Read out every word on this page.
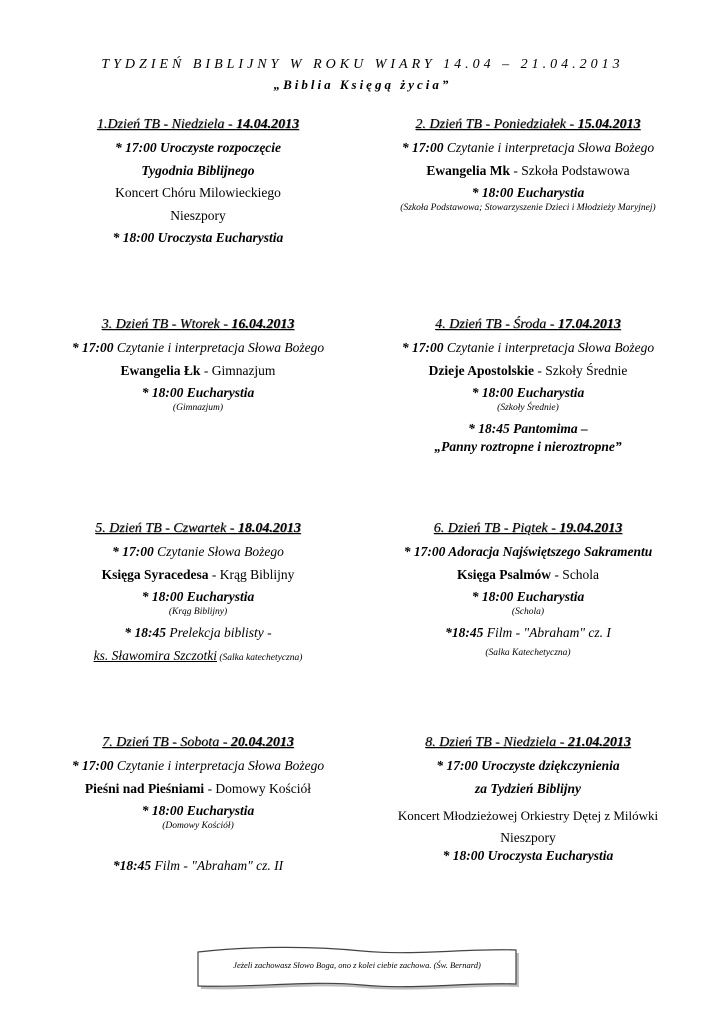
TYDZIEŃ BIBLIJNY W ROKU WIARY 14.04 – 21.04.2013
„Biblia Księgą życia”
1.Dzień TB - Niedziela - 14.04.2013
* 17:00 Uroczyste rozpoczęcie
Tygodnia Biblijnego
Koncert Chóru Milowieckiego
Nieszpory
* 18:00 Uroczysta Eucharystia
2. Dzień TB - Poniedziałek - 15.04.2013
* 17:00 Czytanie i interpretacja Słowa Bożego
Ewangelia Mk - Szkoła Podstawowa
* 18:00 Eucharystia
(Szkoła Podstawowa; Stowarzyszenie Dzieci i Młodzieży Maryjnej)
3. Dzień TB - Wtorek - 16.04.2013
* 17:00 Czytanie i interpretacja Słowa Bożego
Ewangelia Łk - Gimnazjum
* 18:00 Eucharystia
(Gimnazjum)
4. Dzień TB - Środa - 17.04.2013
* 17:00 Czytanie i interpretacja Słowa Bożego
Dzieje Apostolskie - Szkoły Średnie
* 18:00 Eucharystia
(Szkoły Średnie)
* 18:45 Pantomima –
„Panny roztropne i nieroztropne”
5. Dzień TB - Czwartek - 18.04.2013
* 17:00 Czytanie Słowa Bożego
Księga Syracedesa - Krąg Biblijny
* 18:00 Eucharystia
(Krąg Biblijny)
* 18:45 Prelekcja biblisty -
ks. Sławomira Szczotki (Salka katechetyczna)
6. Dzień TB - Piątek - 19.04.2013
* 17:00 Adoracja Najświętszego Sakramentu
Księga Psalmów - Schola
* 18:00 Eucharystia
(Schola)
*18:45 Film - "Abraham" cz. I
(Salka Katechetyczna)
7. Dzień TB - Sobota - 20.04.2013
* 17:00 Czytanie i interpretacja Słowa Bożego
Pieśni nad Pieśniami - Domowy Kościół
* 18:00 Eucharystia
(Domowy Kościół)
*18:45 Film - "Abraham" cz. II
8. Dzień TB - Niedziela - 21.04.2013
* 17:00 Uroczyste dziękczynienia
za Tydzień Biblijny
Koncert Młodzieżowej Orkiestry Dętej z Milówki
Nieszpory
* 18:00 Uroczysta Eucharystia
Jeżeli zachowasz Słowo Boga, ono z kolei ciebie zachowa. (Św. Bernard)
